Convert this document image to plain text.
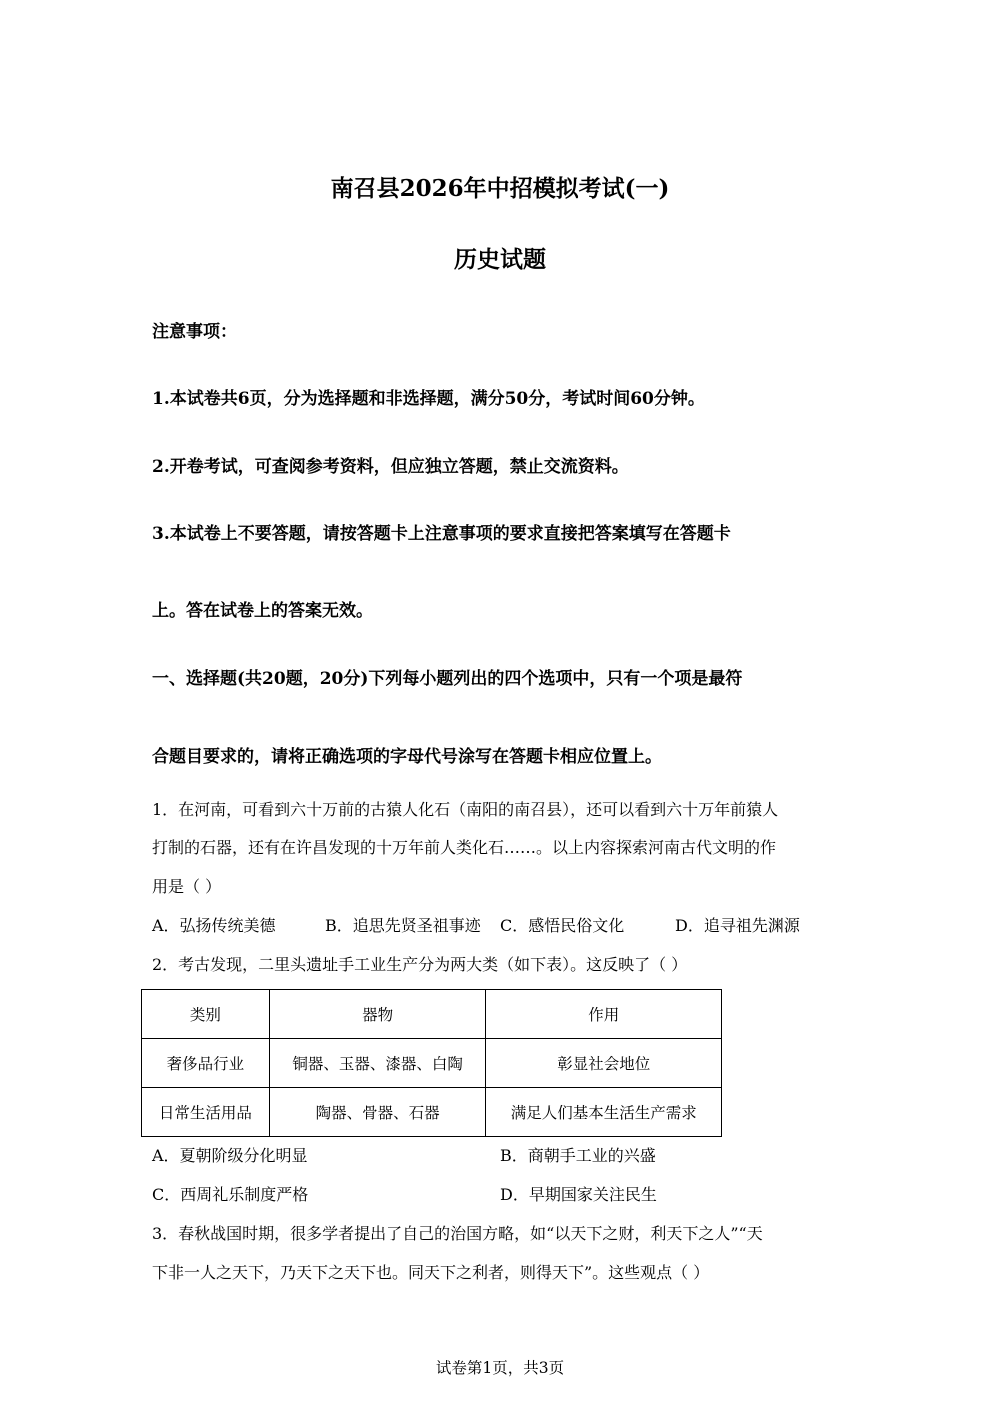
南召县2026年中招模拟考试(一)
历史试题
注意事项：
1.本试卷共6页，分为选择题和非选择题，满分50分，考试时间60分钟。
2.开卷考试，可查阅参考资料，但应独立答题，禁止交流资料。
3.本试卷上不要答题，请按答题卡上注意事项的要求直接把答案填写在答题卡
上。答在试卷上的答案无效。
一、选择题(共20题，20分)下列每小题列出的四个选项中，只有一个项是最符
合题目要求的，请将正确选项的字母代号涂写在答题卡相应位置上。
1．在河南，可看到六十万前的古猿人化石（南阳的南召县），还可以看到六十万年前猿人
打制的石器，还有在许昌发现的十万年前人类化石……。以上内容探索河南古代文明的作
用是（ ）
A．弘扬传统美德	B．追思先贤圣祖事迹 C．感悟民俗文化	D．追寻祖先渊源
2．考古发现，二里头遗址手工业生产分为两大类（如下表）。这反映了（ ）
类别	器物	作用
奢侈品行业	铜器、玉器、漆器、白陶	彰显社会地位
日常生活用品	陶器、骨器、石器	满足人们基本生活生产需求
A．夏朝阶级分化明显	B．商朝手工业的兴盛
C．西周礼乐制度严格	D．早期国家关注民生
3．春秋战国时期，很多学者提出了自己的治国方略，如“以天下之财，利天下之人”“天
下非一人之天下，乃天下之天下也。同天下之利者，则得天下”。这些观点（ ）
试卷第1页，共3页
